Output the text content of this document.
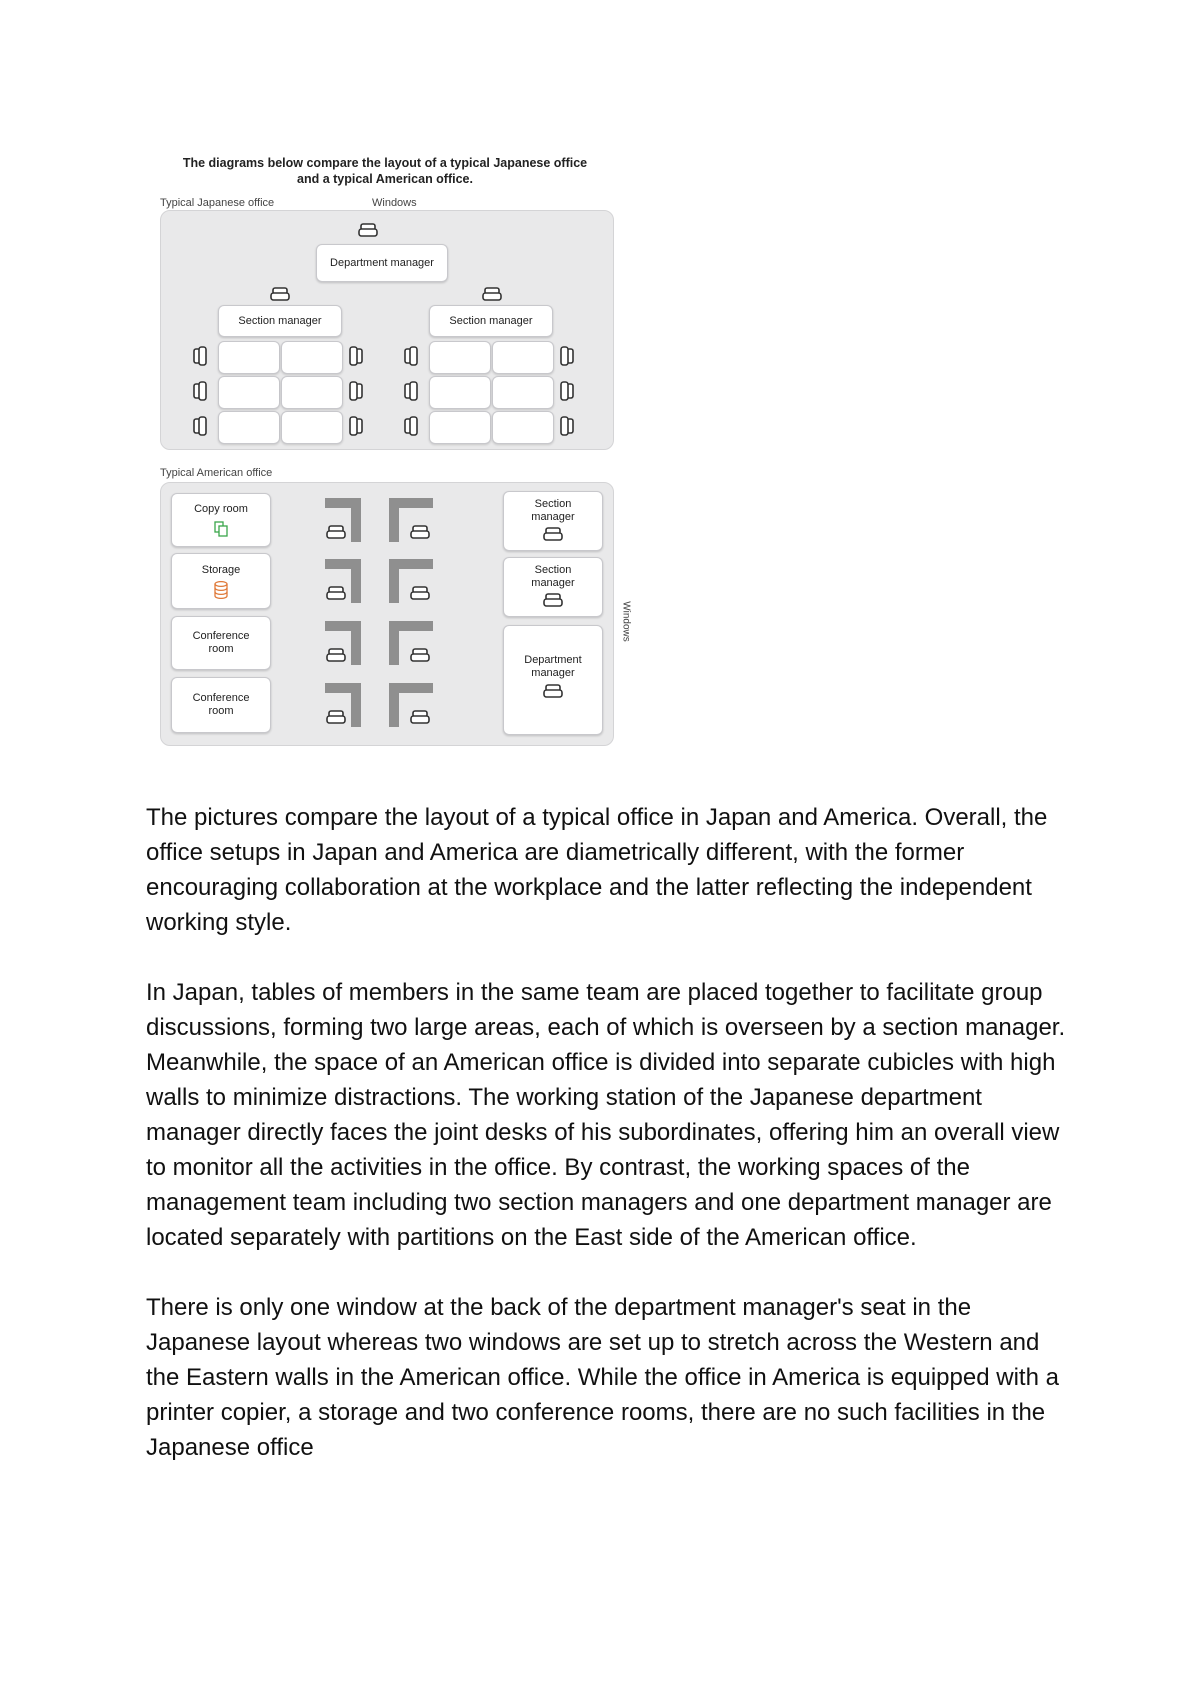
The diagrams below compare the layout of a typical Japanese office
and a typical American office.
Typical Japanese office	Windows
Department manager
Section manager	Section manager
Typical American office
Windows
Copy room
Storage
Conference
room
Conference
room
Section
manager
Section
manager
Department
manager

The pictures compare the layout of a typical office in Japan and America. Overall, the office setups in Japan and America are diametrically different, with the former encouraging collaboration at the workplace and the latter reflecting the independent working style.

In Japan, tables of members in the same team are placed together to facilitate group discussions, forming two large areas, each of which is overseen by a section manager. Meanwhile, the space of an American office is divided into separate cubicles with high walls to minimize distractions. The working station of the Japanese department manager directly faces the joint desks of his subordinates, offering him an overall view to monitor all the activities in the office. By contrast, the working spaces of the management team including two section managers and one department manager are located separately with partitions on the East side of the American office.

There is only one window at the back of the department manager's seat in the Japanese layout whereas two windows are set up to stretch across the Western and the Eastern walls in the American office. While the office in America is equipped with a printer copier, a storage and two conference rooms, there are no such facilities in the Japanese office
